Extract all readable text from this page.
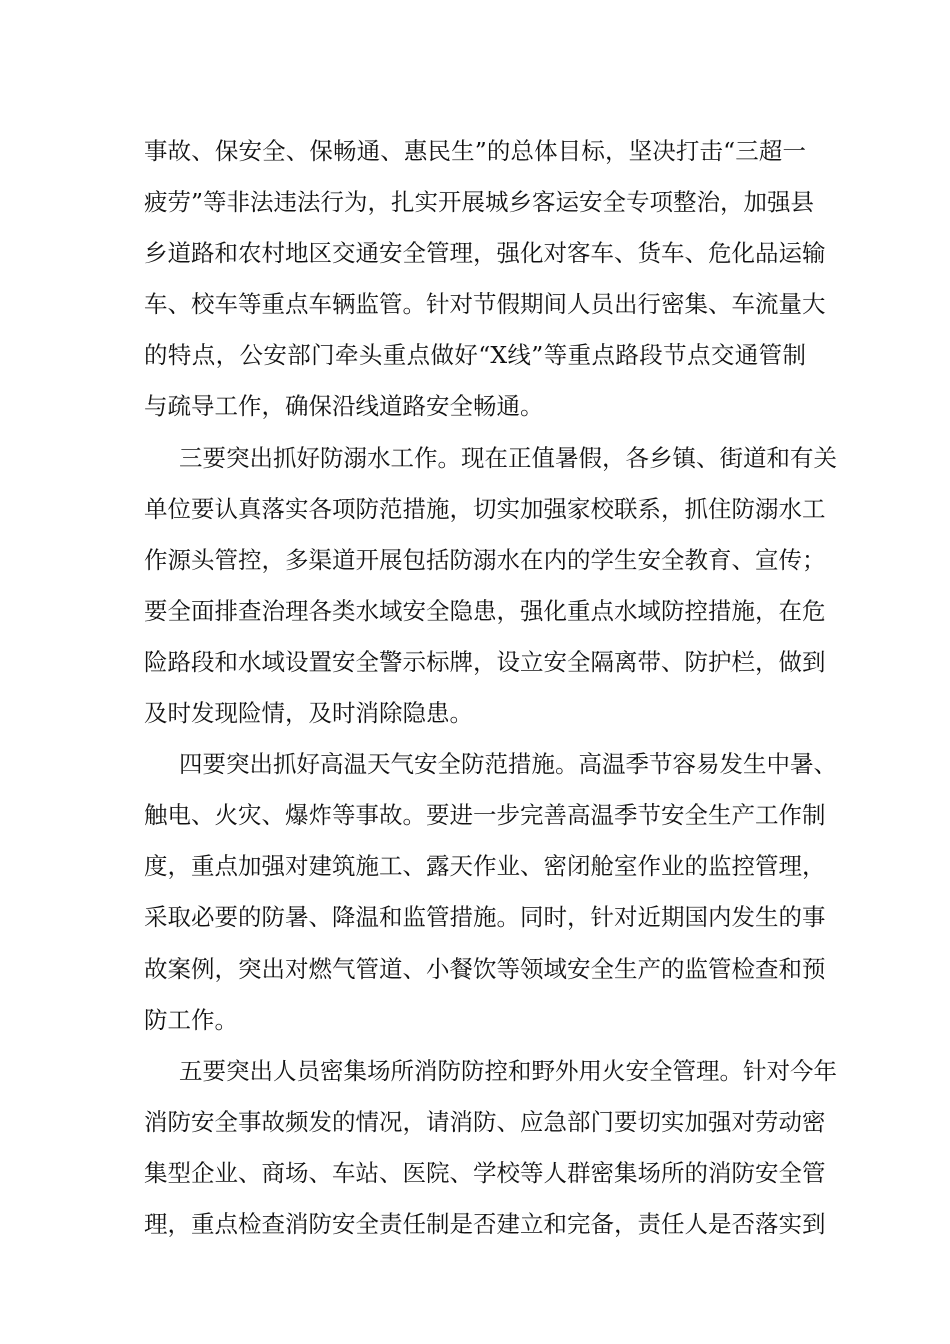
事故、保安全、保畅通、惠民生”的总体目标，坚决打击“三超一
疲劳”等非法违法行为，扎实开展城乡客运安全专项整治，加强县
乡道路和农村地区交通安全管理，强化对客车、货车、危化品运输
车、校车等重点车辆监管。针对节假期间人员出行密集、车流量大
的特点，公安部门牵头重点做好“X线”等重点路段节点交通管制
与疏导工作，确保沿线道路安全畅通。
三要突出抓好防溺水工作。现在正值暑假，各乡镇、街道和有关
单位要认真落实各项防范措施，切实加强家校联系，抓住防溺水工
作源头管控，多渠道开展包括防溺水在内的学生安全教育、宣传；
要全面排查治理各类水域安全隐患，强化重点水域防控措施，在危
险路段和水域设置安全警示标牌，设立安全隔离带、防护栏，做到
及时发现险情，及时消除隐患。
四要突出抓好高温天气安全防范措施。高温季节容易发生中暑、
触电、火灾、爆炸等事故。要进一步完善高温季节安全生产工作制
度，重点加强对建筑施工、露天作业、密闭舱室作业的监控管理，
采取必要的防暑、降温和监管措施。同时，针对近期国内发生的事
故案例，突出对燃气管道、小餐饮等领域安全生产的监管检查和预
防工作。
五要突出人员密集场所消防防控和野外用火安全管理。针对今年
消防安全事故频发的情况，请消防、应急部门要切实加强对劳动密
集型企业、商场、车站、医院、学校等人群密集场所的消防安全管
理，重点检查消防安全责任制是否建立和完备，责任人是否落实到
